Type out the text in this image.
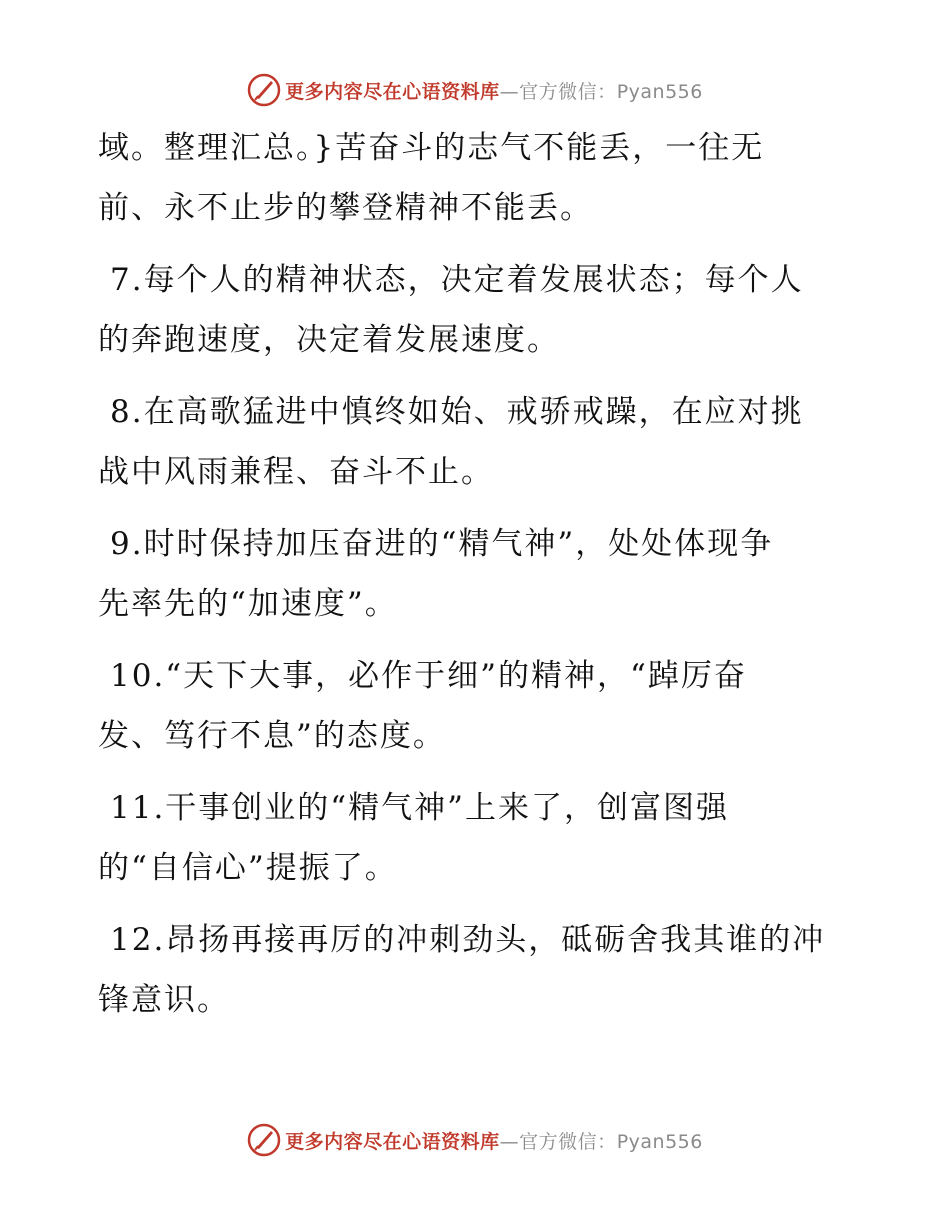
更多内容尽在心语资料库—官方微信：Pyan556

域。整理汇总。}苦奋斗的志气不能丢，一往无
前、永不止步的攀登精神不能丢。

7.每个人的精神状态，决定着发展状态；每个人
的奔跑速度，决定着发展速度。

8.在高歌猛进中慎终如始、戒骄戒躁，在应对挑
战中风雨兼程、奋斗不止。

9.时时保持加压奋进的“精气神”，处处体现争
先率先的“加速度”。

10.“天下大事，必作于细”的精神，“踔厉奋
发、笃行不息”的态度。

11.干事创业的“精气神”上来了，创富图强
的“自信心”提振了。

12.昂扬再接再厉的冲刺劲头，砥砺舍我其谁的冲
锋意识。

更多内容尽在心语资料库—官方微信：Pyan556
